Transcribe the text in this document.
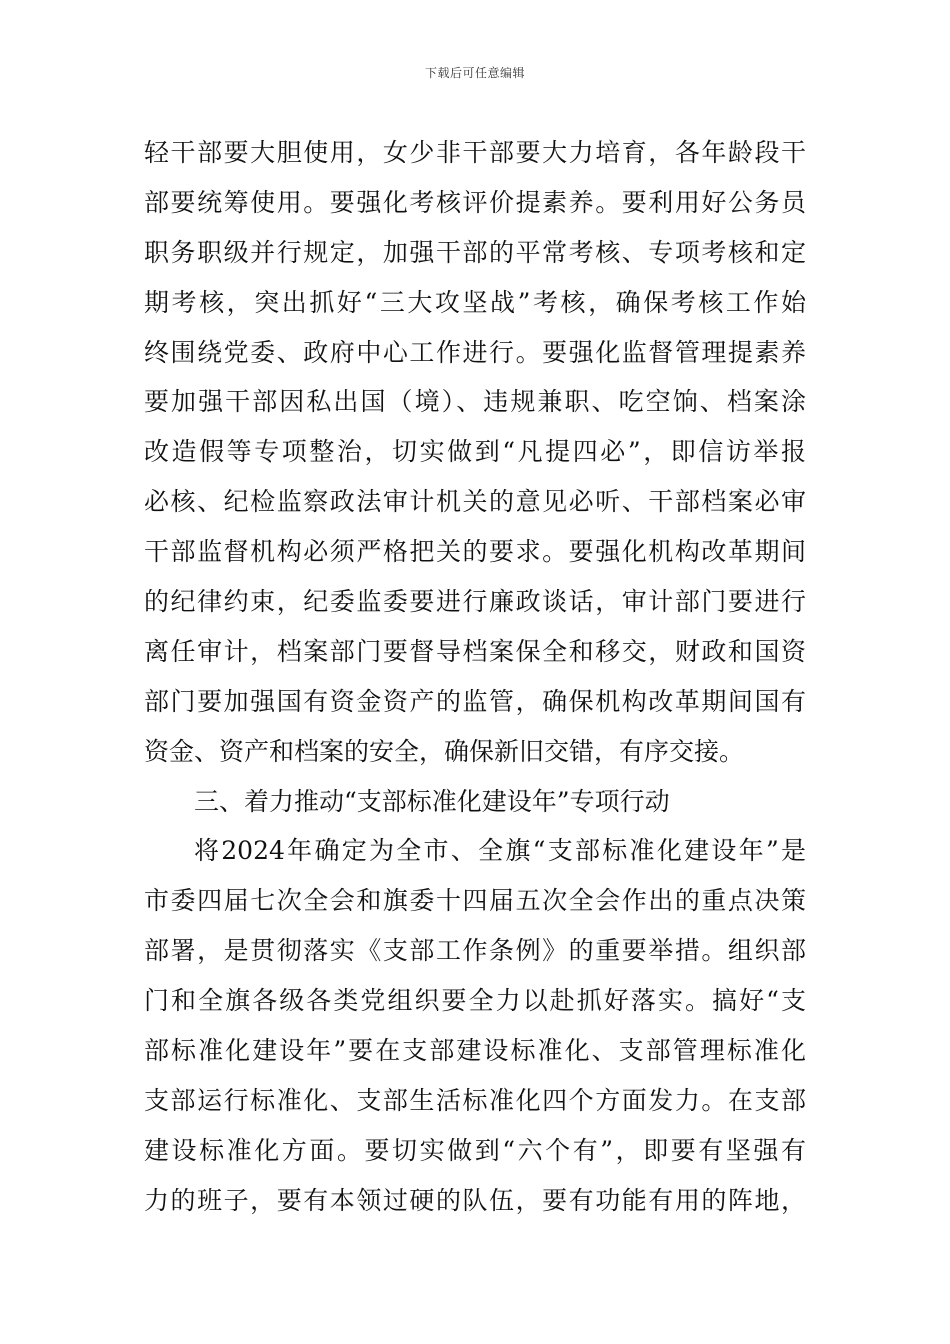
下载后可任意编辑
轻干部要大胆使用，女少非干部要大力培育，各年龄段干
部要统筹使用。要强化考核评价提素养。要利用好公务员
职务职级并行规定，加强干部的平常考核、专项考核和定
期考核，突出抓好“三大攻坚战”考核，确保考核工作始
终围绕党委、政府中心工作进行。要强化监督管理提素养
要加强干部因私出国（境）、违规兼职、吃空饷、档案涂
改造假等专项整治，切实做到“凡提四必”，即信访举报
必核、纪检监察政法审计机关的意见必听、干部档案必审
干部监督机构必须严格把关的要求。要强化机构改革期间
的纪律约束，纪委监委要进行廉政谈话，审计部门要进行
离任审计，档案部门要督导档案保全和移交，财政和国资
部门要加强国有资金资产的监管，确保机构改革期间国有
资金、资产和档案的安全，确保新旧交错，有序交接。
三、着力推动“支部标准化建设年”专项行动
将2024年确定为全市、全旗“支部标准化建设年”是
市委四届七次全会和旗委十四届五次全会作出的重点决策
部署，是贯彻落实《支部工作条例》的重要举措。组织部
门和全旗各级各类党组织要全力以赴抓好落实。搞好“支
部标准化建设年”要在支部建设标准化、支部管理标准化
支部运行标准化、支部生活标准化四个方面发力。在支部
建设标准化方面。要切实做到“六个有”，即要有坚强有
力的班子，要有本领过硬的队伍，要有功能有用的阵地，
